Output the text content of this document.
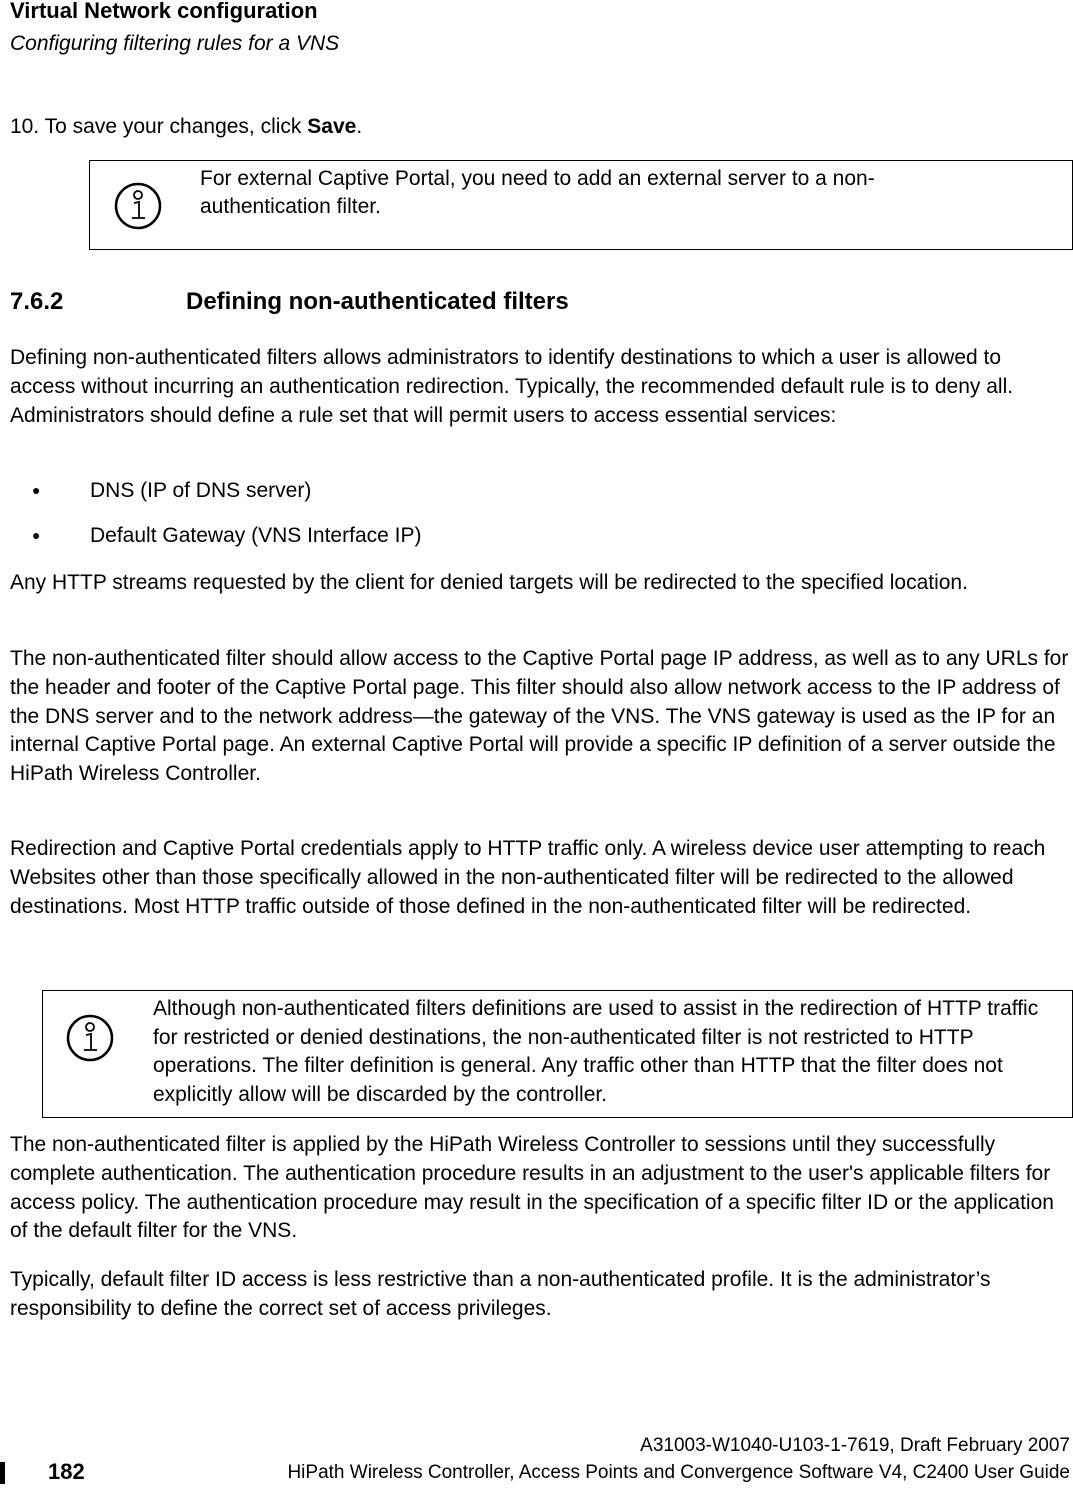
Virtual Network configuration
Configuring filtering rules for a VNS
10. To save your changes, click Save.
For external Captive Portal, you need to add an external server to a non-authentication filter.
7.6.2	Defining non-authenticated filters
Defining non-authenticated filters allows administrators to identify destinations to which a user is allowed to access without incurring an authentication redirection. Typically, the recommended default rule is to deny all. Administrators should define a rule set that will permit users to access essential services:
● DNS (IP of DNS server)
● Default Gateway (VNS Interface IP)
Any HTTP streams requested by the client for denied targets will be redirected to the specified location.
The non-authenticated filter should allow access to the Captive Portal page IP address, as well as to any URLs for the header and footer of the Captive Portal page. This filter should also allow network access to the IP address of the DNS server and to the network address—the gateway of the VNS. The VNS gateway is used as the IP for an internal Captive Portal page. An external Captive Portal will provide a specific IP definition of a server outside the HiPath Wireless Controller.
Redirection and Captive Portal credentials apply to HTTP traffic only. A wireless device user attempting to reach Websites other than those specifically allowed in the non-authenticated filter will be redirected to the allowed destinations. Most HTTP traffic outside of those defined in the non-authenticated filter will be redirected.
Although non-authenticated filters definitions are used to assist in the redirection of HTTP traffic for restricted or denied destinations, the non-authenticated filter is not restricted to HTTP operations. The filter definition is general. Any traffic other than HTTP that the filter does not explicitly allow will be discarded by the controller.
The non-authenticated filter is applied by the HiPath Wireless Controller to sessions until they successfully complete authentication. The authentication procedure results in an adjustment to the user's applicable filters for access policy. The authentication procedure may result in the specification of a specific filter ID or the application of the default filter for the VNS.
Typically, default filter ID access is less restrictive than a non-authenticated profile. It is the administrator’s responsibility to define the correct set of access privileges.
182
A31003-W1040-U103-1-7619, Draft February 2007
HiPath Wireless Controller, Access Points and Convergence Software V4, C2400 User Guide
